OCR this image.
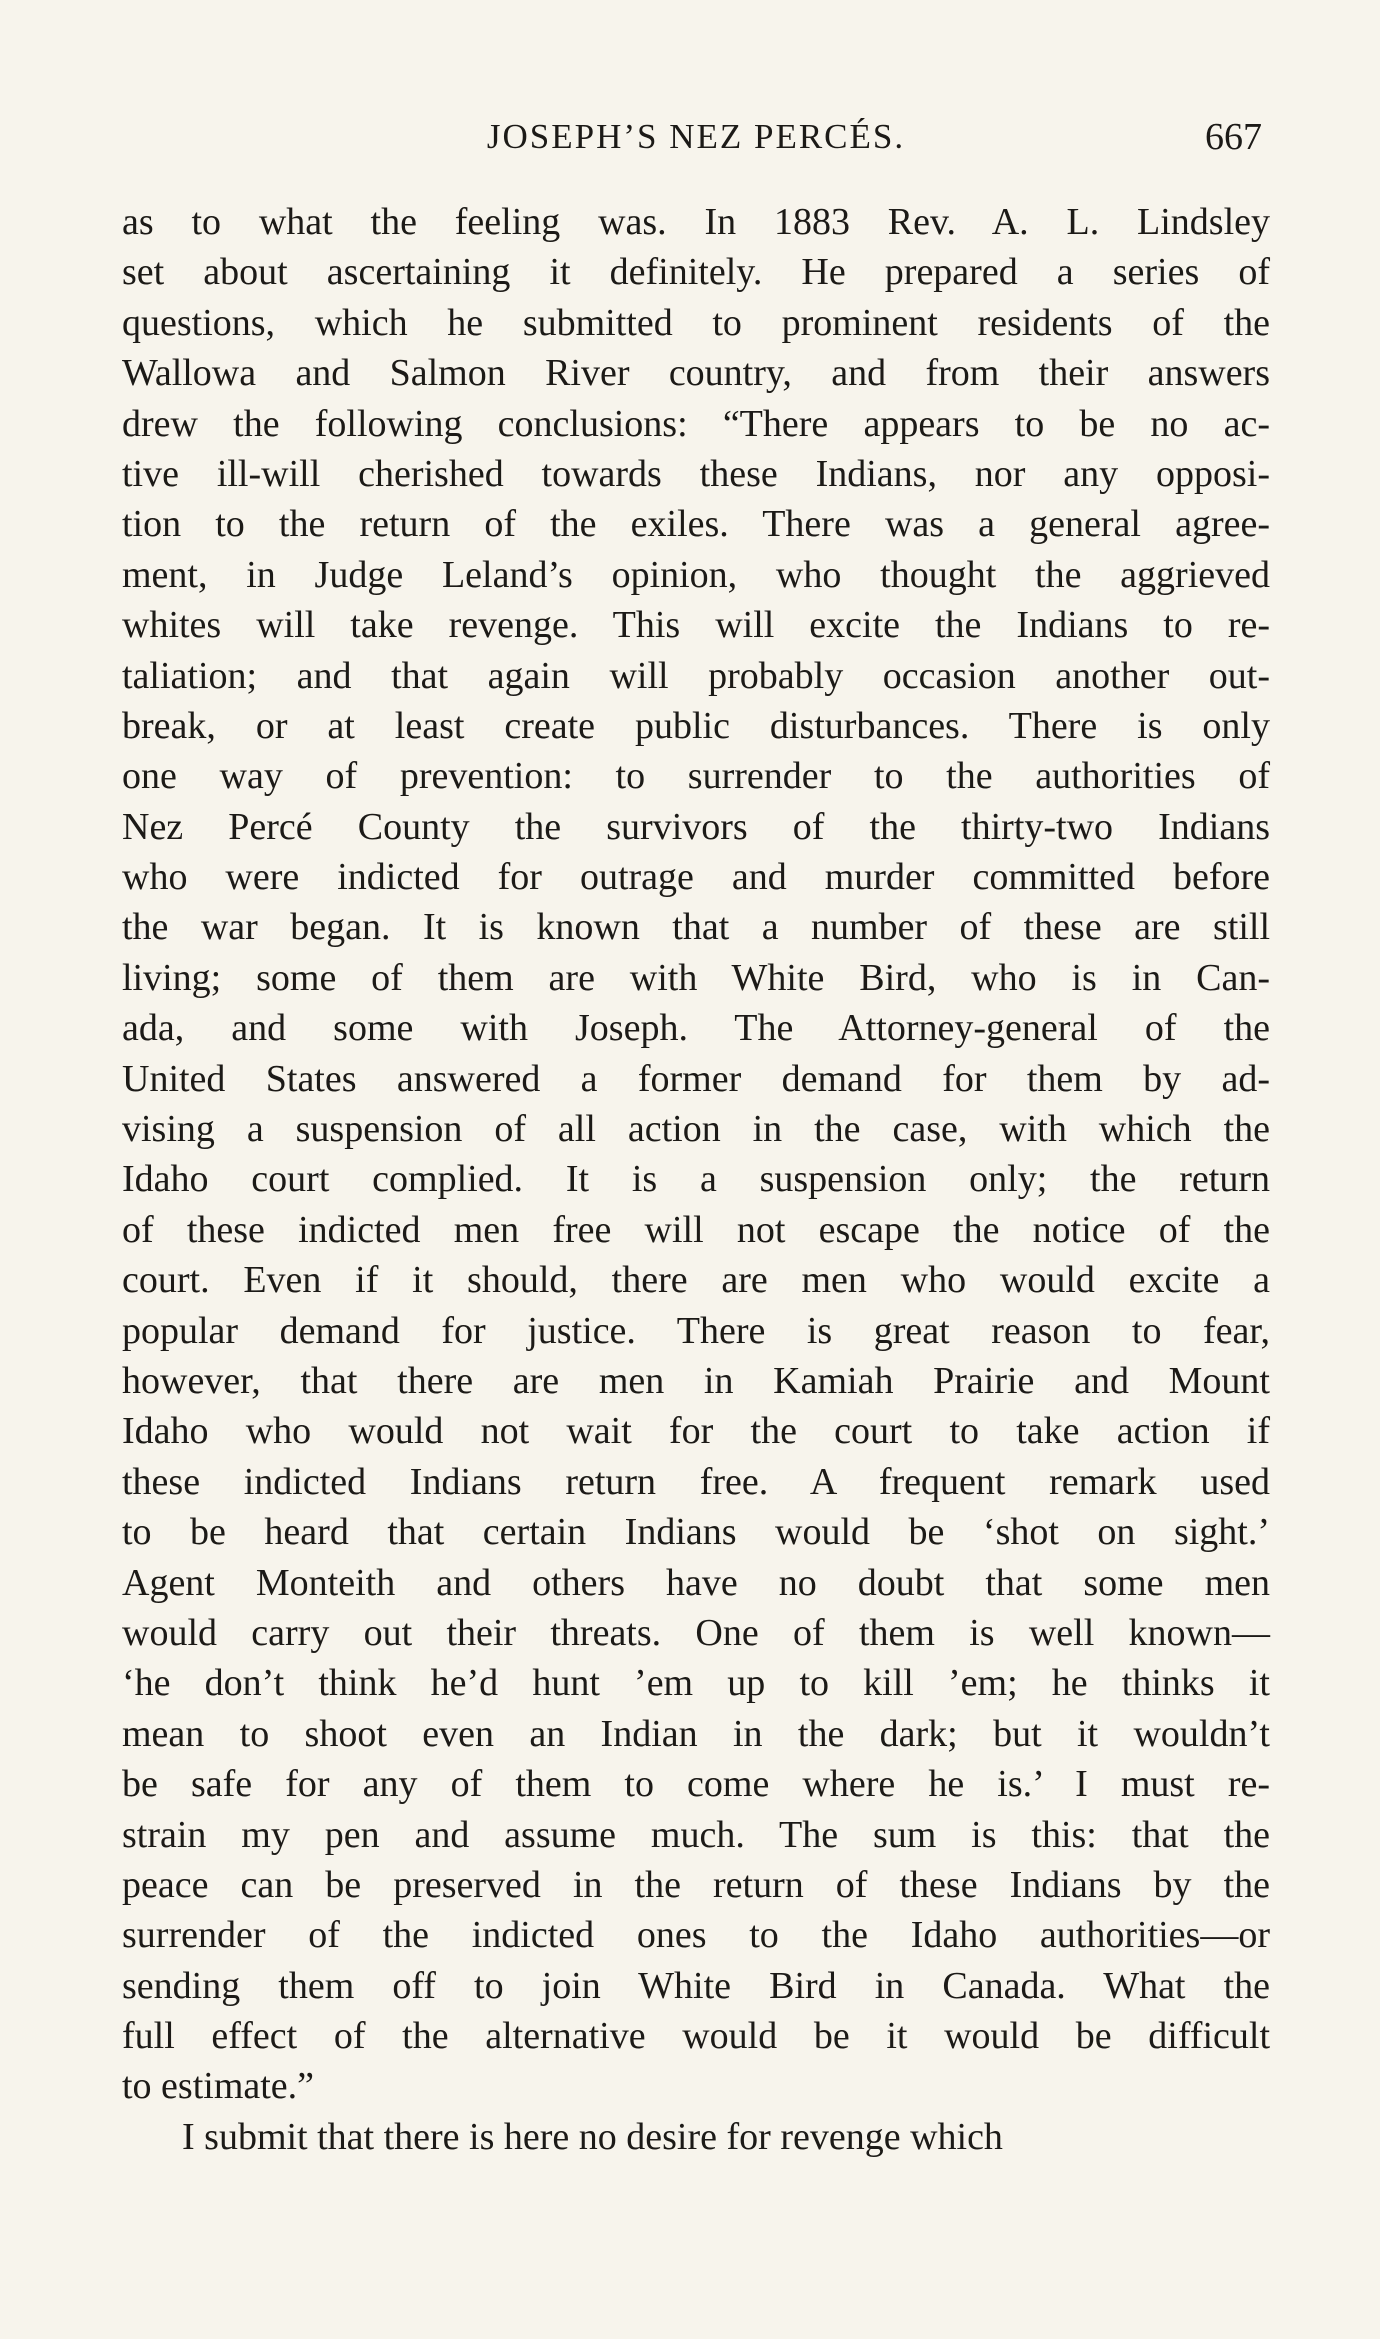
JOSEPH’S NEZ PERCÉS.	667
as to what the feeling was. In 1883 Rev. A. L. Lindsley
set about ascertaining it definitely. He prepared a series of
questions, which he submitted to prominent residents of the
Wallowa and Salmon River country, and from their answers
drew the following conclusions: “There appears to be no ac-
tive ill-will cherished towards these Indians, nor any opposi-
tion to the return of the exiles. There was a general agree-
ment, in Judge Leland’s opinion, who thought the aggrieved
whites will take revenge. This will excite the Indians to re-
taliation; and that again will probably occasion another out-
break, or at least create public disturbances. There is only
one way of prevention: to surrender to the authorities of
Nez Percé County the survivors of the thirty-two Indians
who were indicted for outrage and murder committed before
the war began. It is known that a number of these are still
living; some of them are with White Bird, who is in Can-
ada, and some with Joseph. The Attorney-general of the
United States answered a former demand for them by ad-
vising a suspension of all action in the case, with which the
Idaho court complied. It is a suspension only; the return
of these indicted men free will not escape the notice of the
court. Even if it should, there are men who would excite a
popular demand for justice. There is great reason to fear,
however, that there are men in Kamiah Prairie and Mount
Idaho who would not wait for the court to take action if
these indicted Indians return free. A frequent remark used
to be heard that certain Indians would be ‘shot on sight.’
Agent Monteith and others have no doubt that some men
would carry out their threats. One of them is well known—
‘he don’t think he’d hunt ’em up to kill ’em; he thinks it
mean to shoot even an Indian in the dark; but it wouldn’t
be safe for any of them to come where he is.’ I must re-
strain my pen and assume much. The sum is this: that the
peace can be preserved in the return of these Indians by the
surrender of the indicted ones to the Idaho authorities—or
sending them off to join White Bird in Canada. What the
full effect of the alternative would be it would be difficult
to estimate.”
I submit that there is here no desire for revenge which
